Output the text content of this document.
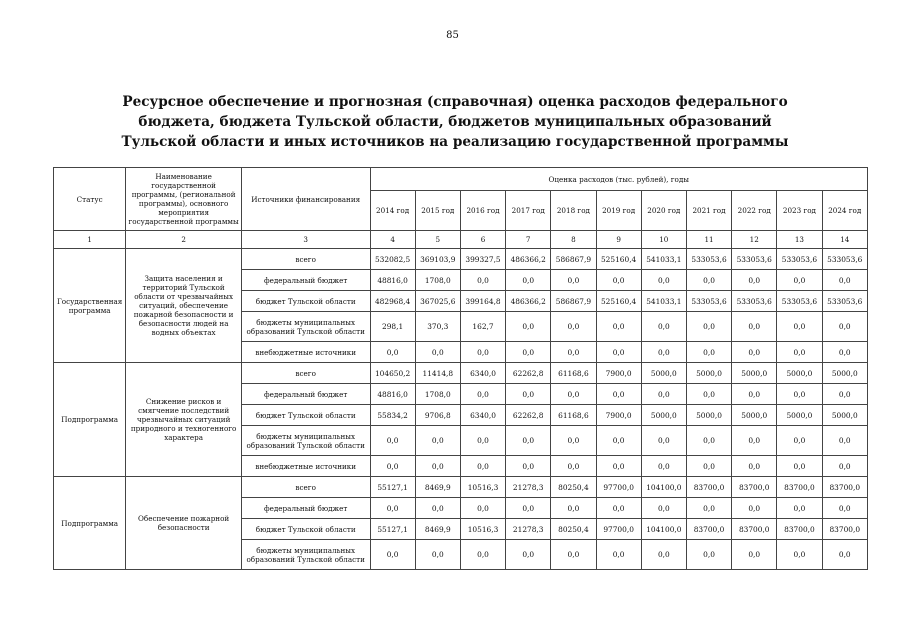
85
Ресурсное обеспечение и прогнозная (справочная) оценка расходов федерального бюджета, бюджета Тульской области, бюджетов муниципальных образований Тульской области и иных источников на реализацию государственной программы
Статус	Наименование государственной программы, (региональной программы), основного мероприятия государственной программы	Источники финансирования	Оценка расходов (тыс. рублей), годы										
			2014 год	2015 год	2016 год	2017 год	2018 год	2019 год	2020 год	2021 год	2022 год	2023 год	2024 год
1	2	3	4	5	6	7	8	9	10	11	12	13	14
Государственная программа	Защита населения и территорий Тульской области от чрезвычайных ситуаций, обеспечение пожарной безопасности и безопасности людей на водных объектах	всего	532082,5	369103,9	399327,5	486366,2	586867,9	525160,4	541033,1	533053,6	533053,6	533053,6	533053,6
		федеральный бюджет	48816,0	1708,0	0,0	0,0	0,0	0,0	0,0	0,0	0,0	0,0	0,0
		бюджет Тульской области	482968,4	367025,6	399164,8	486366,2	586867,9	525160,4	541033,1	533053,6	533053,6	533053,6	533053,6
		бюджеты муниципальных образований Тульской области	298,1	370,3	162,7	0,0	0,0	0,0	0,0	0,0	0,0	0,0	0,0
		внебюджетные источники	0,0	0,0	0,0	0,0	0,0	0,0	0,0	0,0	0,0	0,0	0,0
Подпрограмма	Снижение рисков и смягчение последствий чрезвычайных ситуаций природного и техногенного характера	всего	104650,2	11414,8	6340,0	62262,8	61168,6	7900,0	5000,0	5000,0	5000,0	5000,0	5000,0
		федеральный бюджет	48816,0	1708,0	0,0	0,0	0,0	0,0	0,0	0,0	0,0	0,0	0,0
		бюджет Тульской области	55834,2	9706,8	6340,0	62262,8	61168,6	7900,0	5000,0	5000,0	5000,0	5000,0	5000,0
		бюджеты муниципальных образований Тульской области	0,0	0,0	0,0	0,0	0,0	0,0	0,0	0,0	0,0	0,0	0,0
		внебюджетные источники	0,0	0,0	0,0	0,0	0,0	0,0	0,0	0,0	0,0	0,0	0,0
Подпрограмма	Обеспечение пожарной безопасности	всего	55127,1	8469,9	10516,3	21278,3	80250,4	97700,0	104100,0	83700,0	83700,0	83700,0	83700,0
		федеральный бюджет	0,0	0,0	0,0	0,0	0,0	0,0	0,0	0,0	0,0	0,0	0,0
		бюджет Тульской области	55127,1	8469,9	10516,3	21278,3	80250,4	97700,0	104100,0	83700,0	83700,0	83700,0	83700,0
		бюджеты муниципальных образований Тульской области	0,0	0,0	0,0	0,0	0,0	0,0	0,0	0,0	0,0	0,0	0,0
